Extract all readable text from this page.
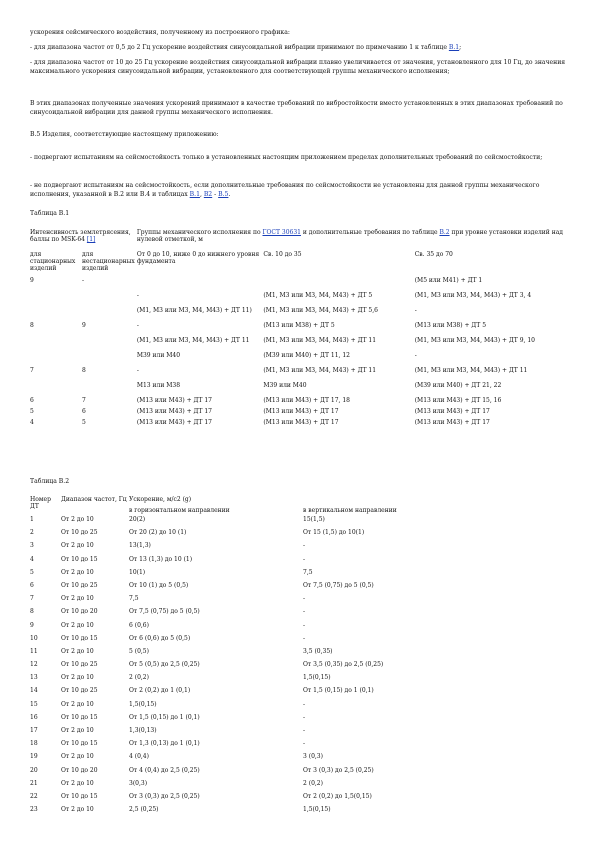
ускорения сейсмического воздействия, полученному из построенного графика:

- для диапазона частот от 0,5 до 2 Гц ускорение воздействия синусоидальной вибрации принимают по примечанию 1 к таблице В.1;

- для диапазона частот от 10 до 25 Гц ускорение воздействия синусоидальной вибрации плавно увеличивается от значения, установленного для 10 Гц, до значения максимального ускорения синусоидальной вибрации, установленного для соответствующей группы механического исполнения;

В этих диапазонах полученные значения ускорений принимают в качестве требований по вибростойкости вместо установленных в этих диапазонах требований по синусоидальной вибрации для данной группы механического исполнения.

В.5 Изделия, соответствующие настоящему приложению:

- подвергают испытаниям на сейсмостойкость только в установленных настоящим приложением пределах дополнительных требований по сейсмостойкости;

- не подвергают испытаниям на сейсмостойкость, если дополнительные требования по сейсмостойкости не установлены для данной группы механического исполнения, указанной в В.2 или В.4 и таблицах В.1, В2 - В.5.

Таблица В.1
Интенсивность землетрясения, баллы по MSK-64 [1]		Группы механического исполнения по ГОСТ 30631 и дополнительные требования по таблице В.2 при уровне установки изделий над нулевой отметкой, м		
для стационарных изделий	для нестационарных изделий	От 0 до 10, ниже 0 до нижнего уровня фундамента	Св. 10 до 35	Св. 35 до 70
9	-			(M5 или M41) + ДТ 1
		-	(M1, M3 или M3, M4, M43) + ДТ 5	(M1, M3 или M3, M4, M43) + ДТ 3, 4
		(M1, M3 или M3, M4, M43) + ДТ 11)	(M1, M3 или M3, M4, M43) + ДТ 5,6	-
8	9	-	(M13 или M38) + ДТ 5	(M13 или M38) + ДТ 5
		(M1, M3 или M3, M4, M43) + ДТ 11	(M1, M3 или M3, M4, M43) + ДТ 11	(M1, M3 или M3, M4, M43) + ДТ 9, 10
		M39 или M40	(M39 или M40) + ДТ 11, 12	-
7	8	-	(M1, M3 или M3, M4, M43) + ДТ 11	(M1, M3 или M3, M4, M43) + ДТ 11
		M13 или M38	M39 или M40	(M39 или M40) + ДТ 21, 22
6	7	(M13 или M43) + ДТ 17	(M13 или M43) + ДТ 17, 18	(M13 или M43) + ДТ 15, 16
5	6	(M13 или M43) + ДТ 17	(M13 или M43) + ДТ 17	(M13 или M43) + ДТ 17
4	5	(M13 или M43) + ДТ 17	(M13 или M43) + ДТ 17	(M13 или M43) + ДТ 17
Таблица В.2
Номер ДТ	Диапазон частот, Гц	Ускорение, м/с2 (g)	
		в горизонтальном направлении	в вертикальном направлении
1	От 2 до 10	20(2)	15(1,5)
2	От 10 до 25	От 20 (2) до 10 (1)	От 15 (1,5) до 10(1)
3	От 2 до 10	13(1,3)	-
4	От 10 до 15	От 13 (1,3) до 10 (1)	-
5	От 2 до 10	10(1)	7,5
6	От 10 до 25	От 10 (1) до 5 (0,5)	От 7,5 (0,75) до 5 (0,5)
7	От 2 до 10	7,5	-
8	От 10 до 20	От 7,5 (0,75) до 5 (0,5)	-
9	От 2 до 10	6 (0,6)	-
10	От 10 до 15	От 6 (0,6) до 5 (0,5)	-
11	От 2 до 10	5 (0,5)	3,5 (0,35)
12	От 10 до 25	От 5 (0,5) до 2,5 (0,25)	От 3,5 (0,35) до 2,5 (0,25)
13	От 2 до 10	2 (0,2)	1,5(0,15)
14	От 10 до 25	От 2 (0,2) до 1 (0,1)	От 1,5 (0,15) до 1 (0,1)
15	От 2 до 10	1,5(0,15)	-
16	От 10 до 15	От 1,5 (0,15) до 1 (0,1)	-
17	От 2 до 10	1,3(0,13)	-
18	От 10 до 15	От 1,3 (0,13) до 1 (0,1)	-
19	От 2 до 10	4 (0,4)	3 (0,3)
20	От 10 до 20	От 4 (0,4) до 2,5 (0,25)	От 3 (0,3) до 2,5 (0,25)
21	От 2 до 10	3(0,3)	2 (0,2)
22	От 10 до 15	От 3 (0,3) до 2,5 (0,25)	От 2 (0,2) до 1,5(0,15)
23	От 2 до 10	2,5 (0,25)	1,5(0,15)
